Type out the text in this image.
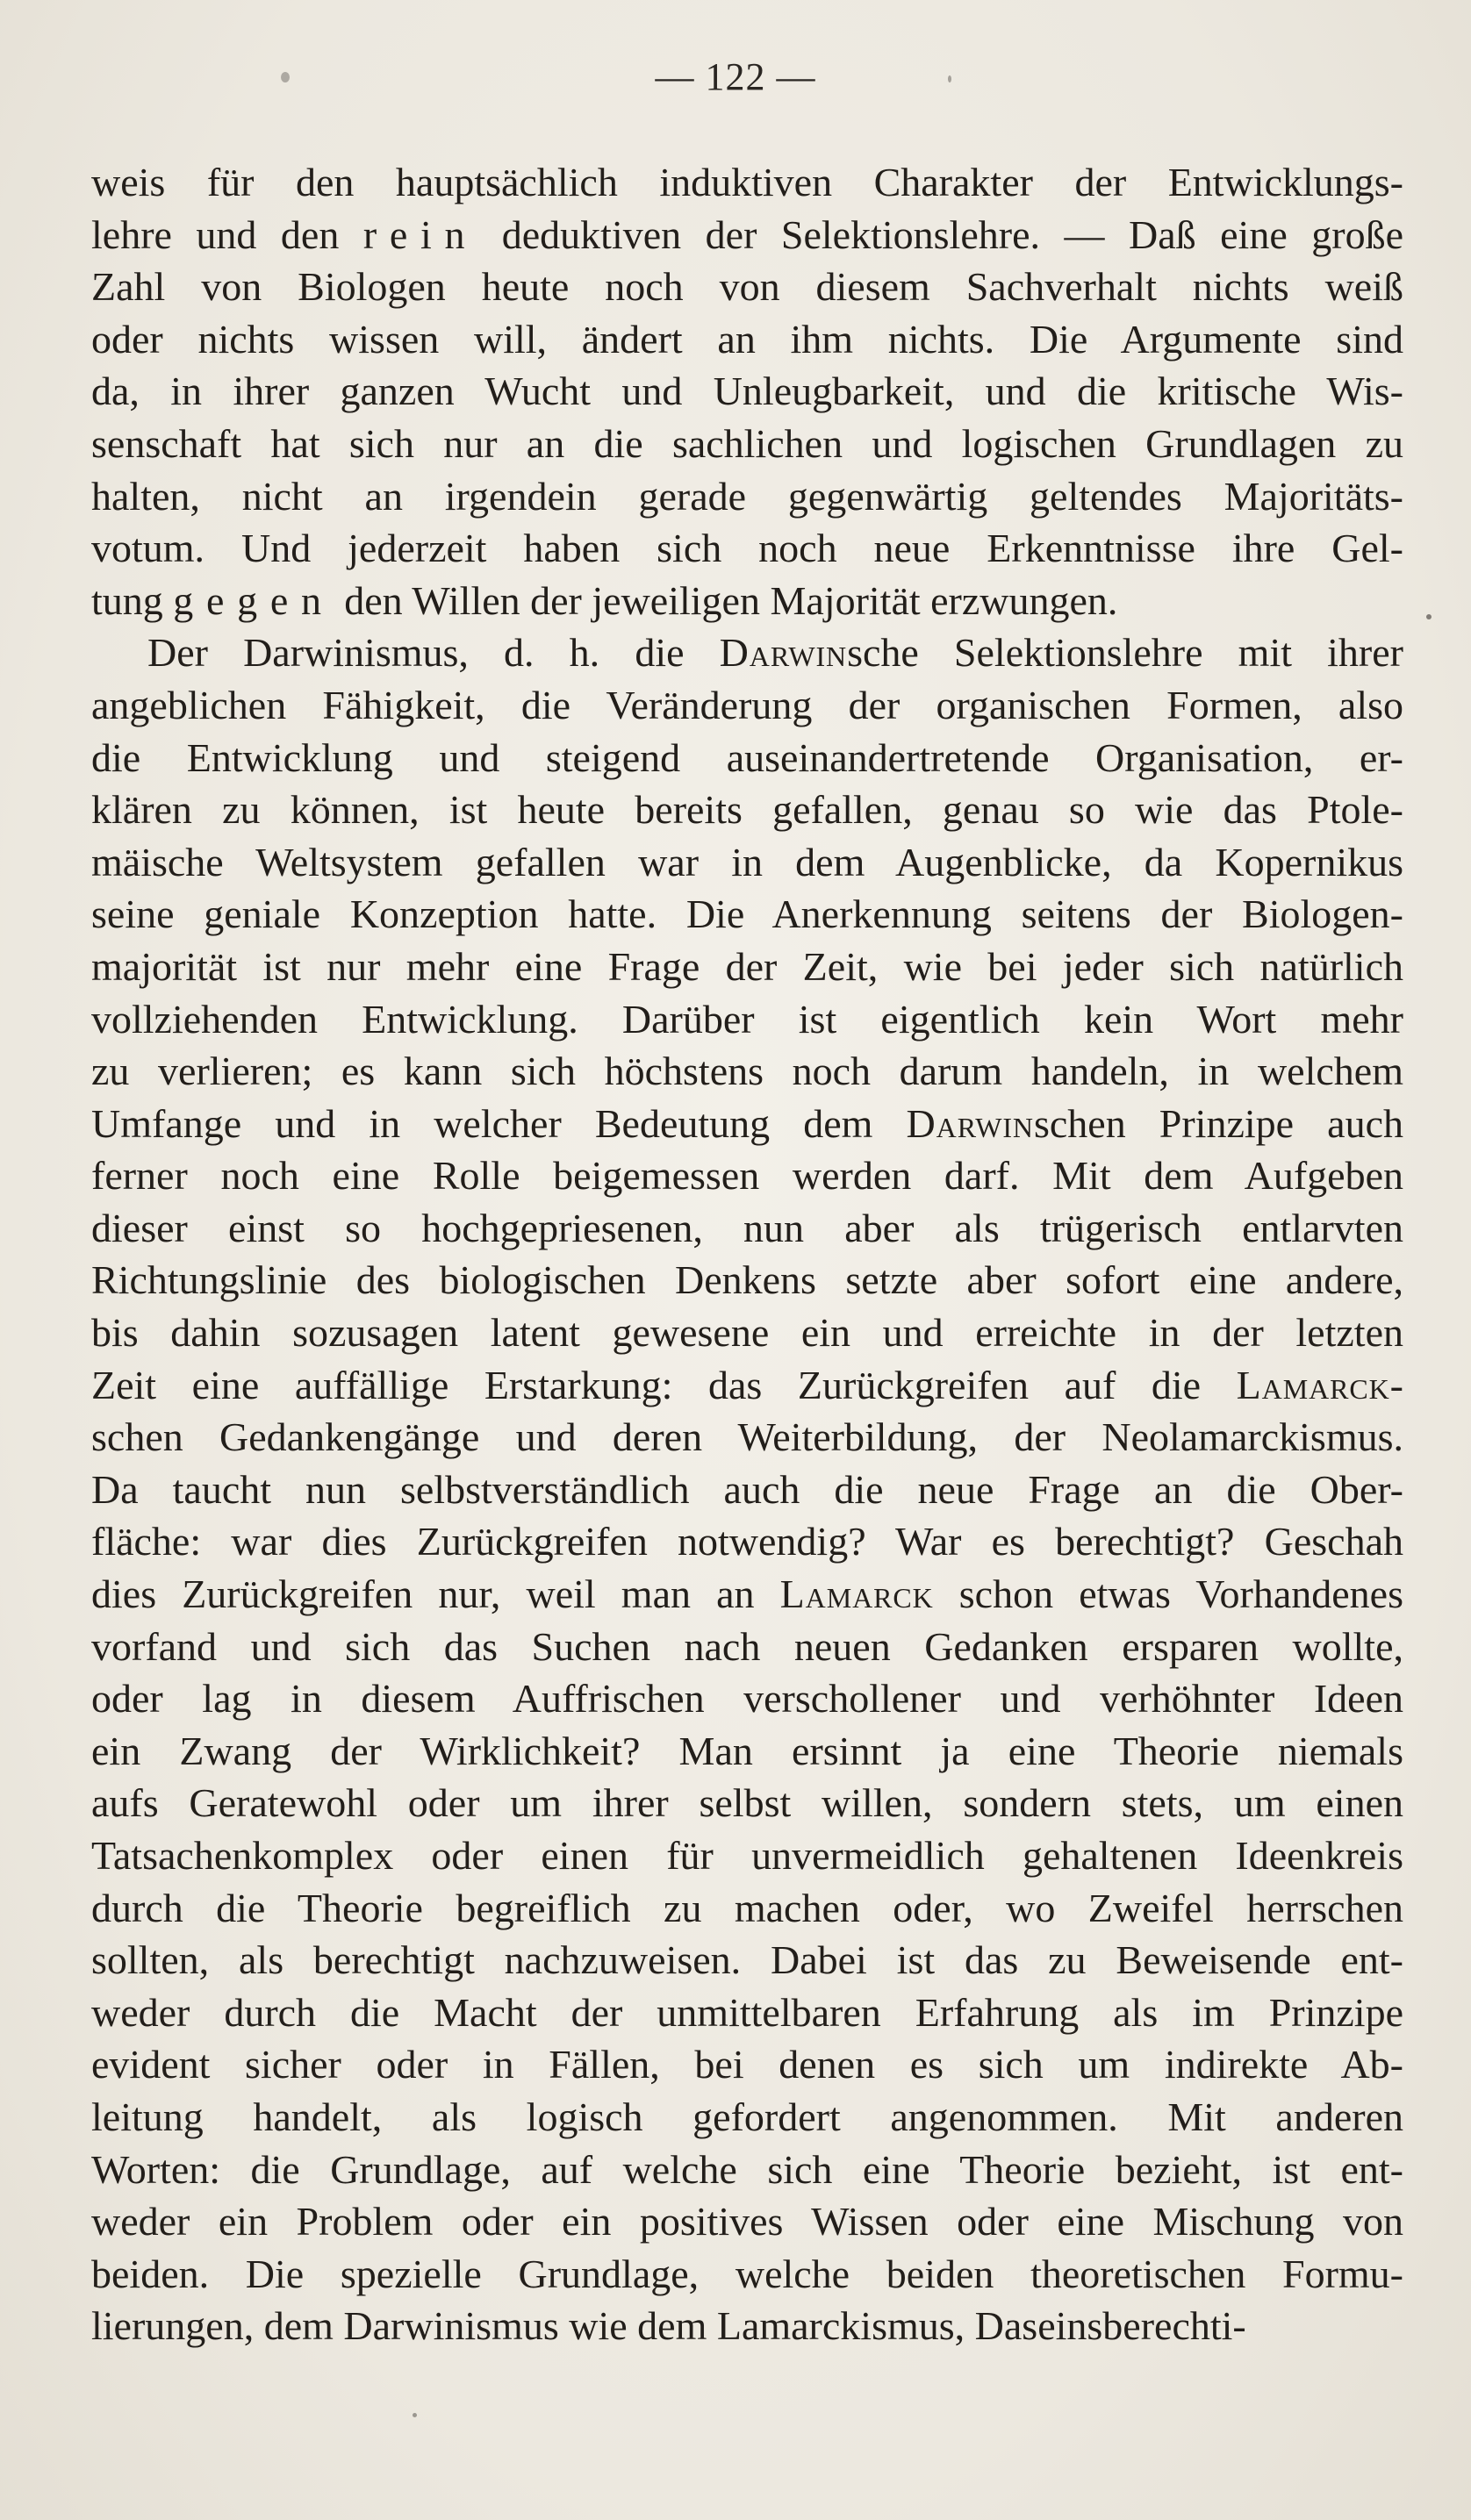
— 122 —
weis für den hauptsächlich induktiven Charakter der Entwicklungs-
lehre und den rein deduktiven der Selektionslehre. — Daß eine große
Zahl von Biologen heute noch von diesem Sachverhalt nichts weiß
oder nichts wissen will, ändert an ihm nichts. Die Argumente sind
da, in ihrer ganzen Wucht und Unleugbarkeit, und die kritische Wis-
senschaft hat sich nur an die sachlichen und logischen Grundlagen zu
halten, nicht an irgendein gerade gegenwärtig geltendes Majoritäts-
votum. Und jederzeit haben sich noch neue Erkenntnisse ihre Gel-
tung gegen den Willen der jeweiligen Majorität erzwungen.
Der Darwinismus, d. h. die Darwinsche Selektionslehre mit ihrer
angeblichen Fähigkeit, die Veränderung der organischen Formen, also
die Entwicklung und steigend auseinandertretende Organisation, er-
klären zu können, ist heute bereits gefallen, genau so wie das Ptole-
mäische Weltsystem gefallen war in dem Augenblicke, da Kopernikus
seine geniale Konzeption hatte. Die Anerkennung seitens der Biologen-
majorität ist nur mehr eine Frage der Zeit, wie bei jeder sich natürlich
vollziehenden Entwicklung. Darüber ist eigentlich kein Wort mehr
zu verlieren; es kann sich höchstens noch darum handeln, in welchem
Umfange und in welcher Bedeutung dem Darwinschen Prinzipe auch
ferner noch eine Rolle beigemessen werden darf. Mit dem Aufgeben
dieser einst so hochgepriesenen, nun aber als trügerisch entlarvten
Richtungslinie des biologischen Denkens setzte aber sofort eine andere,
bis dahin sozusagen latent gewesene ein und erreichte in der letzten
Zeit eine auffällige Erstarkung: das Zurückgreifen auf die Lamarck-
schen Gedankengänge und deren Weiterbildung, der Neolamarckismus.
Da taucht nun selbstverständlich auch die neue Frage an die Ober-
fläche: war dies Zurückgreifen notwendig? War es berechtigt? Geschah
dies Zurückgreifen nur, weil man an Lamarck schon etwas Vorhandenes
vorfand und sich das Suchen nach neuen Gedanken ersparen wollte,
oder lag in diesem Auffrischen verschollener und verhöhnter Ideen
ein Zwang der Wirklichkeit? Man ersinnt ja eine Theorie niemals
aufs Geratewohl oder um ihrer selbst willen, sondern stets, um einen
Tatsachenkomplex oder einen für unvermeidlich gehaltenen Ideenkreis
durch die Theorie begreiflich zu machen oder, wo Zweifel herrschen
sollten, als berechtigt nachzuweisen. Dabei ist das zu Beweisende ent-
weder durch die Macht der unmittelbaren Erfahrung als im Prinzipe
evident sicher oder in Fällen, bei denen es sich um indirekte Ab-
leitung handelt, als logisch gefordert angenommen. Mit anderen
Worten: die Grundlage, auf welche sich eine Theorie bezieht, ist ent-
weder ein Problem oder ein positives Wissen oder eine Mischung von
beiden. Die spezielle Grundlage, welche beiden theoretischen Formu-
lierungen, dem Darwinismus wie dem Lamarckismus, Daseinsberechti-
